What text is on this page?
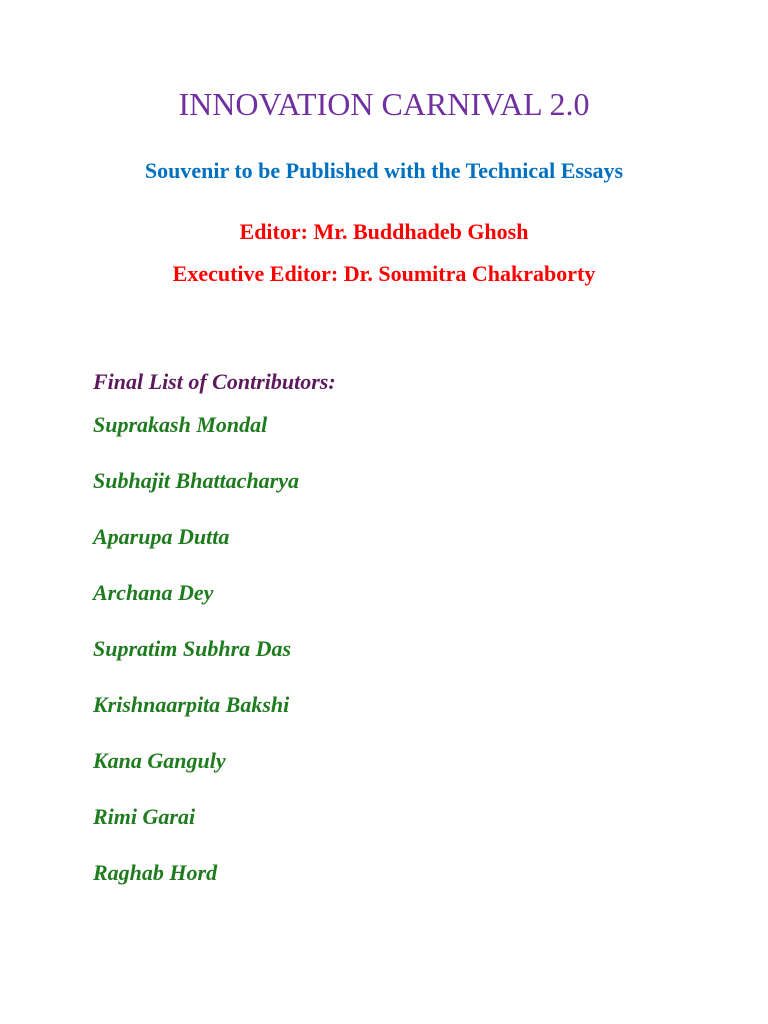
INNOVATION CARNIVAL 2.0
Souvenir to be Published with the Technical Essays
Editor: Mr. Buddhadeb Ghosh
Executive Editor: Dr. Soumitra Chakraborty
Final List of Contributors:
Suprakash Mondal
Subhajit Bhattacharya
Aparupa Dutta
Archana Dey
Supratim Subhra Das
Krishnaarpita Bakshi
Kana Ganguly
Rimi Garai
Raghab Hord
